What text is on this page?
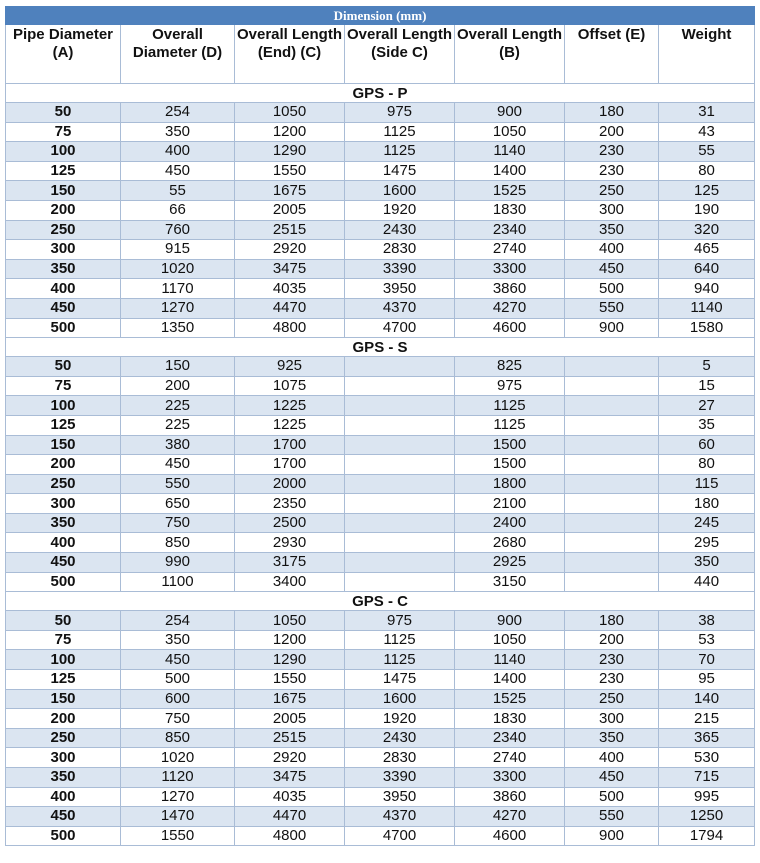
Dimension (mm)						
Pipe Diameter (A)	Overall Diameter (D)	Overall Length (End) (C)	Overall Length (Side C)	Overall Length (B)	Offset (E)	Weight
GPS - P						
50	254	1050	975	900	180	31
75	350	1200	1125	1050	200	43
100	400	1290	1125	1140	230	55
125	450	1550	1475	1400	230	80
150	55	1675	1600	1525	250	125
200	66	2005	1920	1830	300	190
250	760	2515	2430	2340	350	320
300	915	2920	2830	2740	400	465
350	1020	3475	3390	3300	450	640
400	1170	4035	3950	3860	500	940
450	1270	4470	4370	4270	550	1140
500	1350	4800	4700	4600	900	1580
GPS - S						
50	150	925		825		5
75	200	1075		975		15
100	225	1225		1125		27
125	225	1225		1125		35
150	380	1700		1500		60
200	450	1700		1500		80
250	550	2000		1800		115
300	650	2350		2100		180
350	750	2500		2400		245
400	850	2930		2680		295
450	990	3175		2925		350
500	1100	3400		3150		440
GPS - C						
50	254	1050	975	900	180	38
75	350	1200	1125	1050	200	53
100	450	1290	1125	1140	230	70
125	500	1550	1475	1400	230	95
150	600	1675	1600	1525	250	140
200	750	2005	1920	1830	300	215
250	850	2515	2430	2340	350	365
300	1020	2920	2830	2740	400	530
350	1120	3475	3390	3300	450	715
400	1270	4035	3950	3860	500	995
450	1470	4470	4370	4270	550	1250
500	1550	4800	4700	4600	900	1794
